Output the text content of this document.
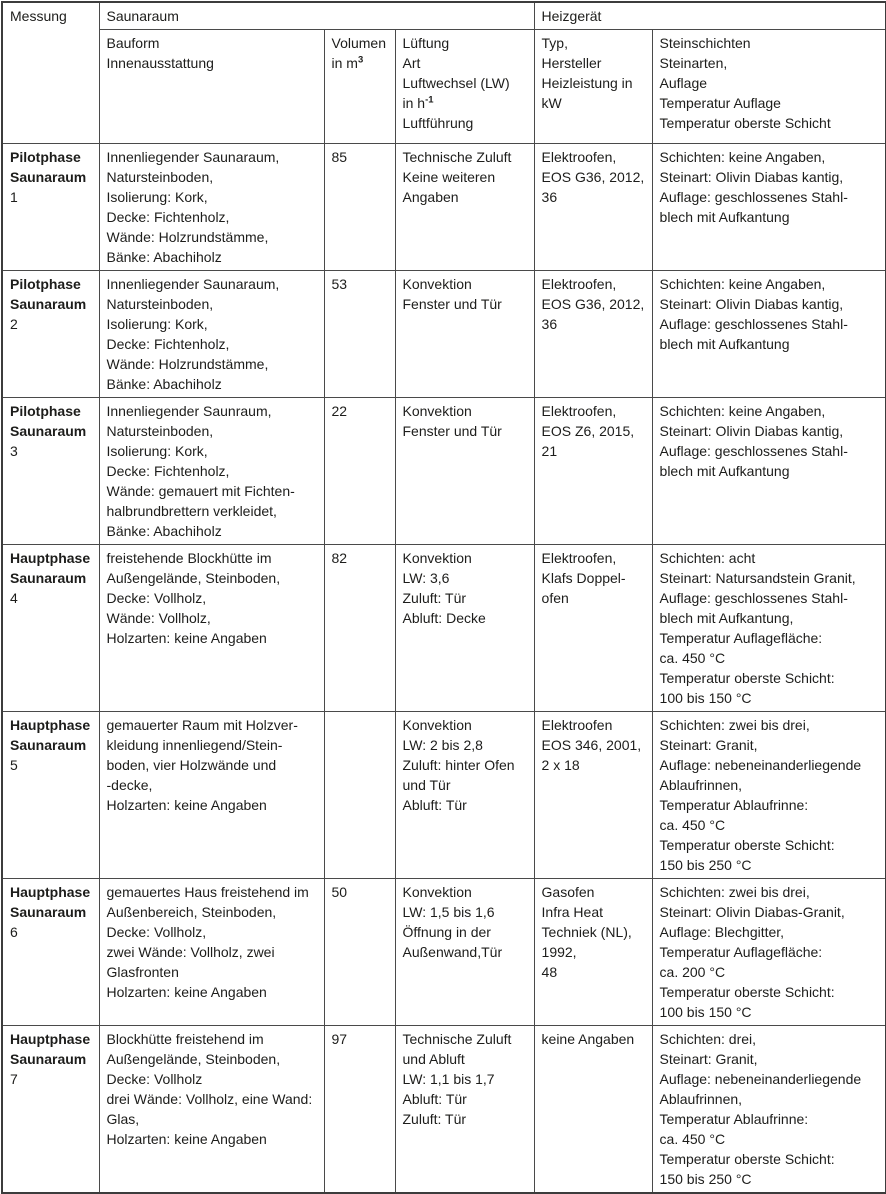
Messung	Saunaraum			Heizgerät	
	Bauform
Innenausstattung	Volumen
in $m^3$	Lüftung
Art
Luftwechsel (LW)
in $h^{-1}$
Luftführung	Typ,
Hersteller
Heizleistung in
kW	Steinschichten
Steinarten,
Auflage
Temperatur Auflage
Temperatur oberste Schicht
Pilotphase
Saunaraum 1	Innenliegender Saunaraum,
Natursteinboden,
Isolierung: Kork,
Decke: Fichtenholz,
Wände: Holzrundstämme,
Bänke: Abachiholz	85	Technische Zuluft
Keine weiteren
Angaben	Elektroofen,
EOS G36, 2012,
36	Schichten: keine Angaben,
Steinart: Olivin Diabas kantig,
Auflage: geschlossenes Stahl-
blech mit Aufkantung
Pilotphase
Saunaraum 2	Innenliegender Saunaraum,
Natursteinboden,
Isolierung: Kork,
Decke: Fichtenholz,
Wände: Holzrundstämme,
Bänke: Abachiholz	53	Konvektion
Fenster und Tür	Elektroofen,
EOS G36, 2012,
36	Schichten: keine Angaben,
Steinart: Olivin Diabas kantig,
Auflage: geschlossenes Stahl-
blech mit Aufkantung
Pilotphase
Saunaraum 3	Innenliegender Saunraum,
Natursteinboden,
Isolierung: Kork,
Decke: Fichtenholz,
Wände: gemauert mit Fichten-
halbrundbrettern verkleidet,
Bänke: Abachiholz	22	Konvektion
Fenster und Tür	Elektroofen,
EOS Z6, 2015,
21	Schichten: keine Angaben,
Steinart: Olivin Diabas kantig,
Auflage: geschlossenes Stahl-
blech mit Aufkantung
Hauptphase
Saunaraum 4	freistehende Blockhütte im
Außengelände, Steinboden,
Decke: Vollholz,
Wände: Vollholz,
Holzarten: keine Angaben	82	Konvektion
LW: 3,6
Zuluft: Tür
Abluft: Decke	Elektroofen,
Klafs Doppel-
ofen	Schichten: acht
Steinart: Natursandstein Granit,
Auflage: geschlossenes Stahl-
blech mit Aufkantung,
Temperatur Auflagefläche:
ca. 450 °C
Temperatur oberste Schicht:
100 bis 150 °C
Hauptphase
Saunaraum 5	gemauerter Raum mit Holzver-
kleidung innenliegend/Stein-
boden, vier Holzwände und
-decke,
Holzarten: keine Angaben		Konvektion
LW: 2 bis 2,8
Zuluft: hinter Ofen
und Tür
Abluft: Tür	Elektroofen
EOS 346, 2001,
2 x 18	Schichten: zwei bis drei,
Steinart: Granit,
Auflage: nebeneinanderliegende
Ablaufrinnen,
Temperatur Ablaufrinne:
ca. 450 °C
Temperatur oberste Schicht:
150 bis 250 °C
Hauptphase
Saunaraum 6	gemauertes Haus freistehend im
Außenbereich, Steinboden,
Decke: Vollholz,
zwei Wände: Vollholz, zwei
Glasfronten
Holzarten: keine Angaben	50	Konvektion
LW: 1,5 bis 1,6
Öffnung in der
Außenwand,Tür	Gasofen
Infra Heat
Techniek (NL),
1992,
48	Schichten: zwei bis drei,
Steinart: Olivin Diabas-Granit,
Auflage: Blechgitter,
Temperatur Auflagefläche:
ca. 200 °C
Temperatur oberste Schicht:
100 bis 150 °C
Hauptphase
Saunaraum 7	Blockhütte freistehend im
Außengelände, Steinboden,
Decke: Vollholz
drei Wände: Vollholz, eine Wand:
Glas,
Holzarten: keine Angaben	97	Technische Zuluft
und Abluft
LW: 1,1 bis 1,7
Abluft: Tür
Zuluft: Tür	keine Angaben	Schichten: drei,
Steinart: Granit,
Auflage: nebeneinanderliegende
Ablaufrinnen,
Temperatur Ablaufrinne:
ca. 450 °C
Temperatur oberste Schicht:
150 bis 250 °C
